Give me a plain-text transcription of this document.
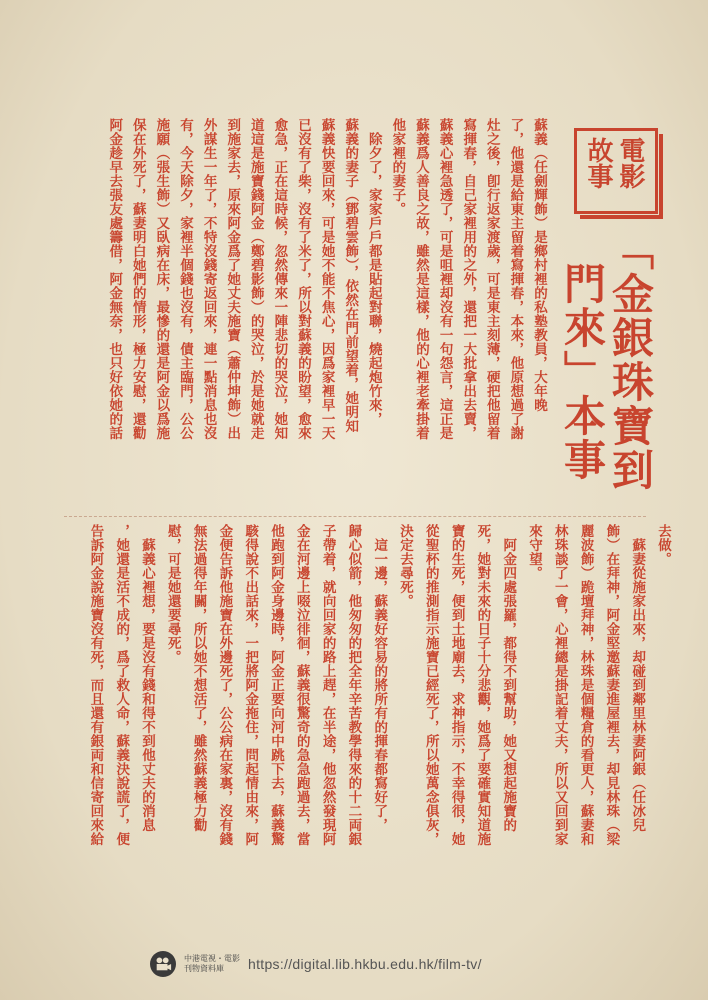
電影
故事
「金銀珠寶到
門來」本事
蘇義（任劍輝飾）是鄉村裡的私塾教員，大年晚
了，他還是給東主留着寫揮春，本來，他原想過了謝
灶之後，卽行返家渡歲，可是東主刻薄，硬把他留着
寫揮春，自己家裡用的之外，還把一大批拿出去賣，
蘇義心裡急透了，可是咀裡却沒有一句怨言，這正是
蘇義爲人善良之故，雖然是這樣，他的心裡老牽掛着
他家裡的妻子。
　除夕了，家家戶戶都是貼起對聯，燒起炮竹來，
蘇義的妻子（鄧碧雲飾），依然在門前望着，她明知
蘇義快要回來，可是她不能不焦心，因爲家裡早一天
已沒有了柴，沒有了米了，所以對蘇義的盼望，愈來
愈急，正在這時候，忽然傳來一陣悲切的哭泣，她知
道這是施寶錢阿金（鄭碧影飾）的哭泣，於是她就走
到施家去，原來阿金爲了她丈夫施寶（蕭仲坤飾）出
外謀生一年了，不特沒錢寄返回來，連一點消息也沒
有，今天除夕，家裡半個錢也沒有，債主臨門，公公
施願（張生飾）又臥病在床，最慘的還是阿金以爲施
保在外死了，蘇妻明白她們的情形，極力安慰，還勸
阿金趁早去張友處籌借，阿金無奈，也只好依她的話
去做。
　蘇妻從施家出來，却碰到鄰里林妻阿銀（任冰兒
飾）在拜神，阿金堅邀蘇妻進屋裡去，却見林珠（梁
麗波飾）跪壇拜神，林珠是個糧倉的看更人，蘇妻和
林珠談了一會，心裡總是掛記着丈夫，所以又回到家
來守望。
　阿金四處張羅，都得不到幫助，她又想起施寶的
死，她對未來的日子十分悲觀，她爲了要確實知道施
寶的生死，便到土地廟去，求神指示，不幸得很，她
從聖杯的推測指示施寶已經死了，所以她萬念俱灰，
決定去尋死。
　這一邊，蘇義好容易的將所有的揮春都寫好了，
歸心似箭，他匆匆的把全年辛苦教學得來的十二両銀
子帶着，就向回家的路上趕，在半途，他忽然發現阿
金在河邊上啜泣徘徊，蘇義很驚奇的急急跑過去，當
他跑到阿金身邊時，阿金正要向河中跳下去，蘇義驚
駭得說不出話來，一把將阿金拖住，問起情由來，阿
金便告訴他施寶在外邊死了，公公病在家裏，沒有錢
無法過得年關，所以她不想活了，雖然蘇義極力勸
慰，可是她還要尋死。
　蘇義心裡想，要是沒有錢和得不到他丈夫的消息
，她還是活不成的，爲了救人命，蘇義決說謊了，便
告訴阿金說施寶沒有死，而且還有銀両和信寄回來給
中港電視・電影
刊物資料庫	https://digital.lib.hkbu.edu.hk/film-tv/
